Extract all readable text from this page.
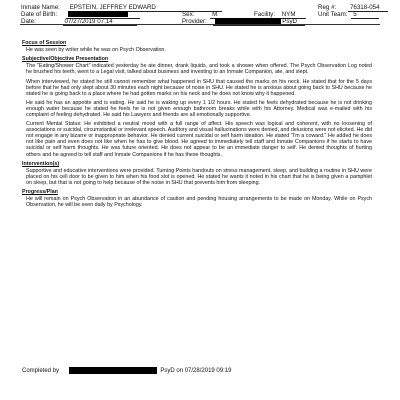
Inmate Name: EPSTEIN, JEFFREY EDWARD
Date of Birth:
Date:	07/27/2019 07:14
Sex:	M	Facility: NYM
Provider:	PsyD
Reg #: 76318-054
Unit Team: 5
Focus of Session

He was seen by writer while he was on Psych Observation.

Subjective/Objective Presentation

The "Eating/Shower Chart" indicated yesterday he ate dinner, drank liquids, and took a shower when offered. The Psych Observation Log noted he brushed his teeth, went to a Legal visit, talked about business and investing to an Inmate Companion, ate, and slept.

When interviewed, he stated he still cannot remember what happened in SHU that caused the marks on his neck. He stated that for the 5 days before that he had only slept about 30 minutes each night because of noise in SHU. He stated he is anxious about going back to SHU because he stated he is going back to a place where he had gotten marks on his neck and he does not know why it happened.

He said he has an appetite and is eating. He said he is waking up every 1 1/2 hours. He stated he feels dehydrated because he is not drinking enough water because he stated he feels he is not given enough bathroom breaks while with his Attorney. Medical was e-mailed with his complaint of feeling dehydrated. He said his Lawyers and friends are all emotionally supportive.

Current Mental Status: He exhibited a neutral mood with a full range of affect. His speech was logical and coherent, with no loosening of associations or suicidal, circumstantial or irrelevant speech. Auditory and visual hallucinations were denied, and delusions were not elicited. He did not engage in any bizarre or inappropriate behavior. He denied current suicidal or self harm ideation. He stated "I'm a coward." He added he does not like pain and even does not like when he has to give blood. He agreed to immediately tell staff and Inmate Companions if he starts to have suicidal or self harm thoughts. He was future oriented. He does not appear to be an immediate danger to self. He denied thoughts of hurting others and he agreed to tell staff and Inmate Companions if he has these thoughts.

Intervention(s)

Supportive and educative interventions were provided. Turning Points handouts on stress management, sleep, and building a routine in SHU were placed on his cell door to be given to him when his food slot is opened. He stated he wants it noted in his chart that he is being given a pamphlet on sleep, but that is not going to help because of the noise in SHU that prevents him from sleeping.

Progress/Plan

He will remain on Psych Observation in an abundance of caution and pending housing arrangements to be made on Monday. While on Psych Observation, he will be seen daily by Psychology.

Completed by	PsyD on 07/28/2019 09:19
